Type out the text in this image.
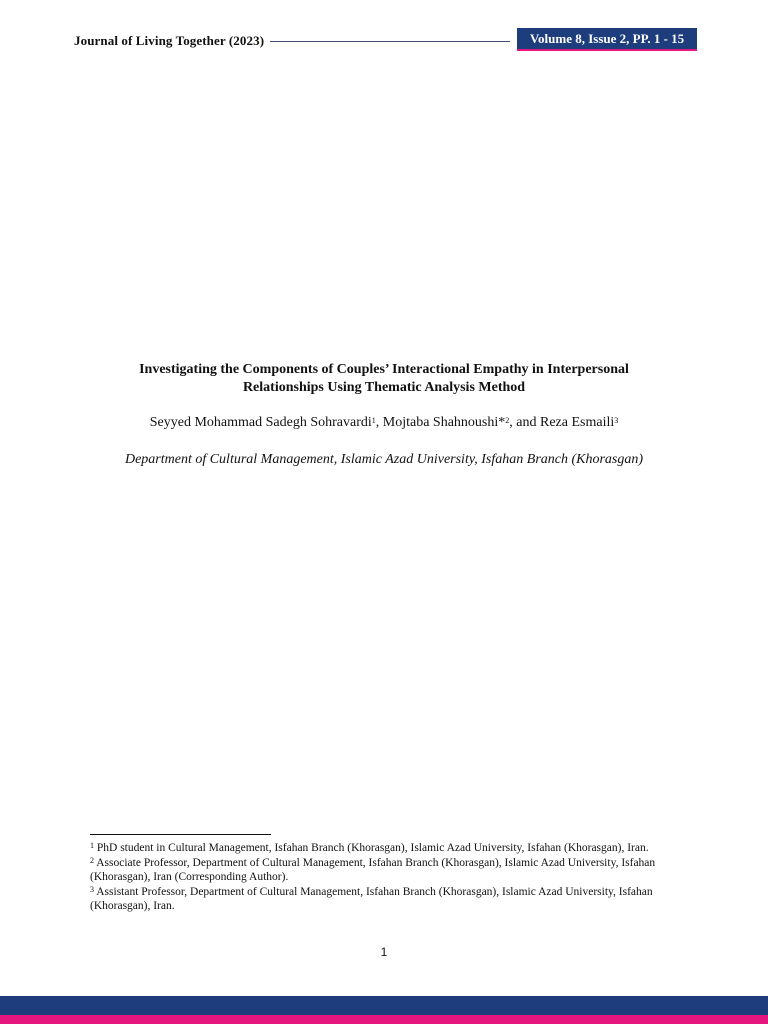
Journal of Living Together (2023)	Volume 8, Issue 2, PP. 1 - 15
Investigating the Components of Couples’ Interactional Empathy in Interpersonal
Relationships Using Thematic Analysis Method
Seyyed Mohammad Sadegh Sohravardi$^1$, Mojtaba Shahnoushi*$^2$, and Reza Esmaili$^3$
Department of Cultural Management, Islamic Azad University, Isfahan Branch (Khorasgan)

$^1$ PhD student in Cultural Management, Isfahan Branch (Khorasgan), Islamic Azad University, Isfahan (Khorasgan), Iran.

$^2$ Associate Professor, Department of Cultural Management, Isfahan Branch (Khorasgan), Islamic Azad University, Isfahan (Khorasgan), Iran (Corresponding Author).

$^3$ Assistant Professor, Department of Cultural Management, Isfahan Branch (Khorasgan), Islamic Azad University, Isfahan (Khorasgan), Iran.

1
